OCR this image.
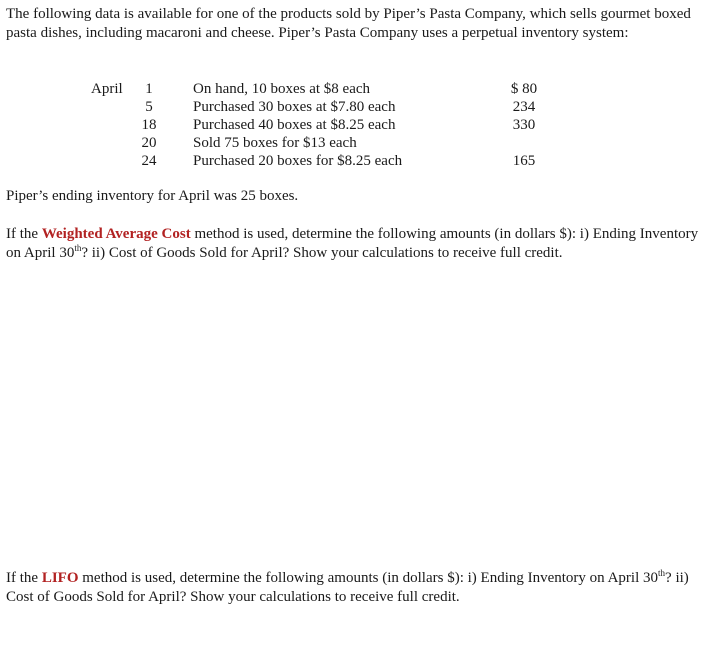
The following data is available for one of the products sold by Piper’s Pasta Company, which sells gourmet boxed pasta dishes, including macaroni and cheese. Piper’s Pasta Company uses a perpetual inventory system:
April	1	On hand, 10 boxes at $8 each	$ 80
5	Purchased 30 boxes at $7.80 each	234
18	Purchased 40 boxes at $8.25 each	330
20	Sold 75 boxes for $13 each
24	Purchased 20 boxes for $8.25 each	165
Piper’s ending inventory for April was 25 boxes.
If the Weighted Average Cost method is used, determine the following amounts (in dollars $): i) Ending Inventory on April 30th? ii) Cost of Goods Sold for April? Show your calculations to receive full credit.
If the LIFO method is used, determine the following amounts (in dollars $): i) Ending Inventory on April 30th? ii) Cost of Goods Sold for April? Show your calculations to receive full credit.
